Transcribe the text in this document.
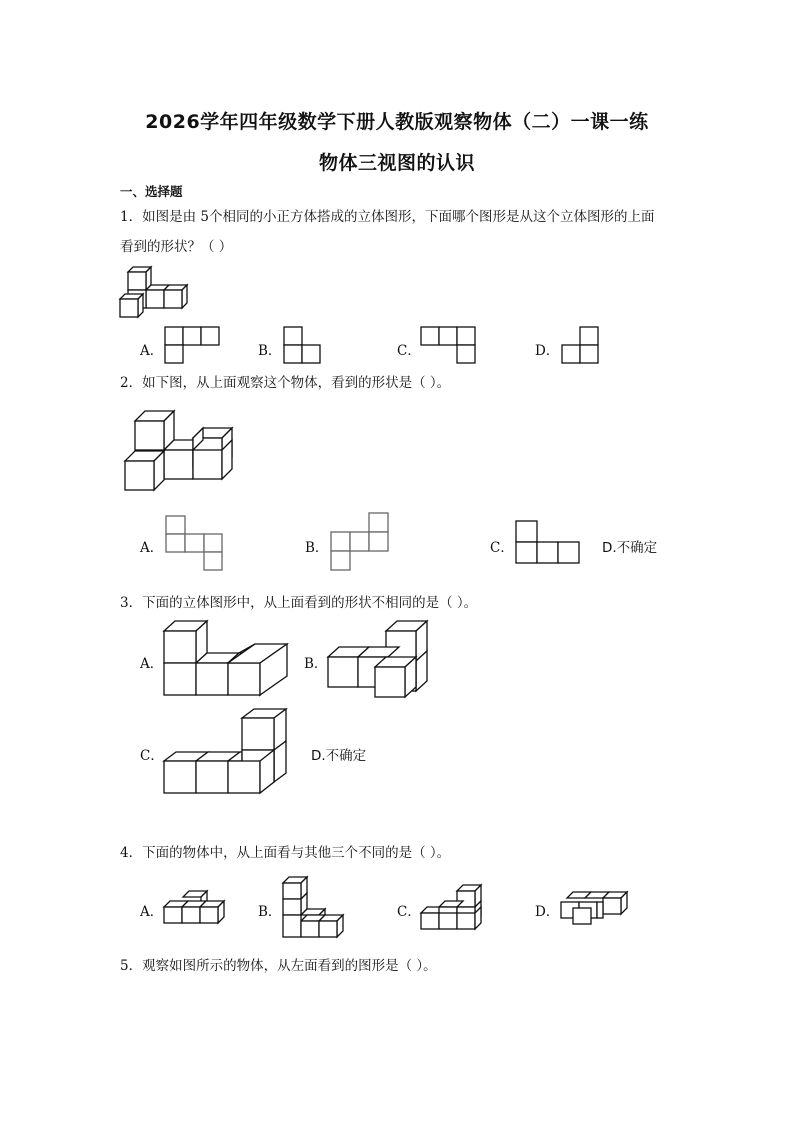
2026学年四年级数学下册人教版观察物体（二）一课一练
物体三视图的认识
一、选择题
1．如图是由 5个相同的小正方体搭成的立体图形，下面哪个图形是从这个立体图形的上面
看到的形状？（ ）
A．	B．	C．	D．
2．如下图，从上面观察这个物体，看到的形状是（ ）。
A．	B．	C．	D.不确定
3．下面的立体图形中，从上面看到的形状不相同的是（ ）。
A．	B．
C．	D.不确定
4．下面的物体中，从上面看与其他三个不同的是（ ）。
A．	B．	C．	D．
5．观察如图所示的物体，从左面看到的图形是（ ）。
